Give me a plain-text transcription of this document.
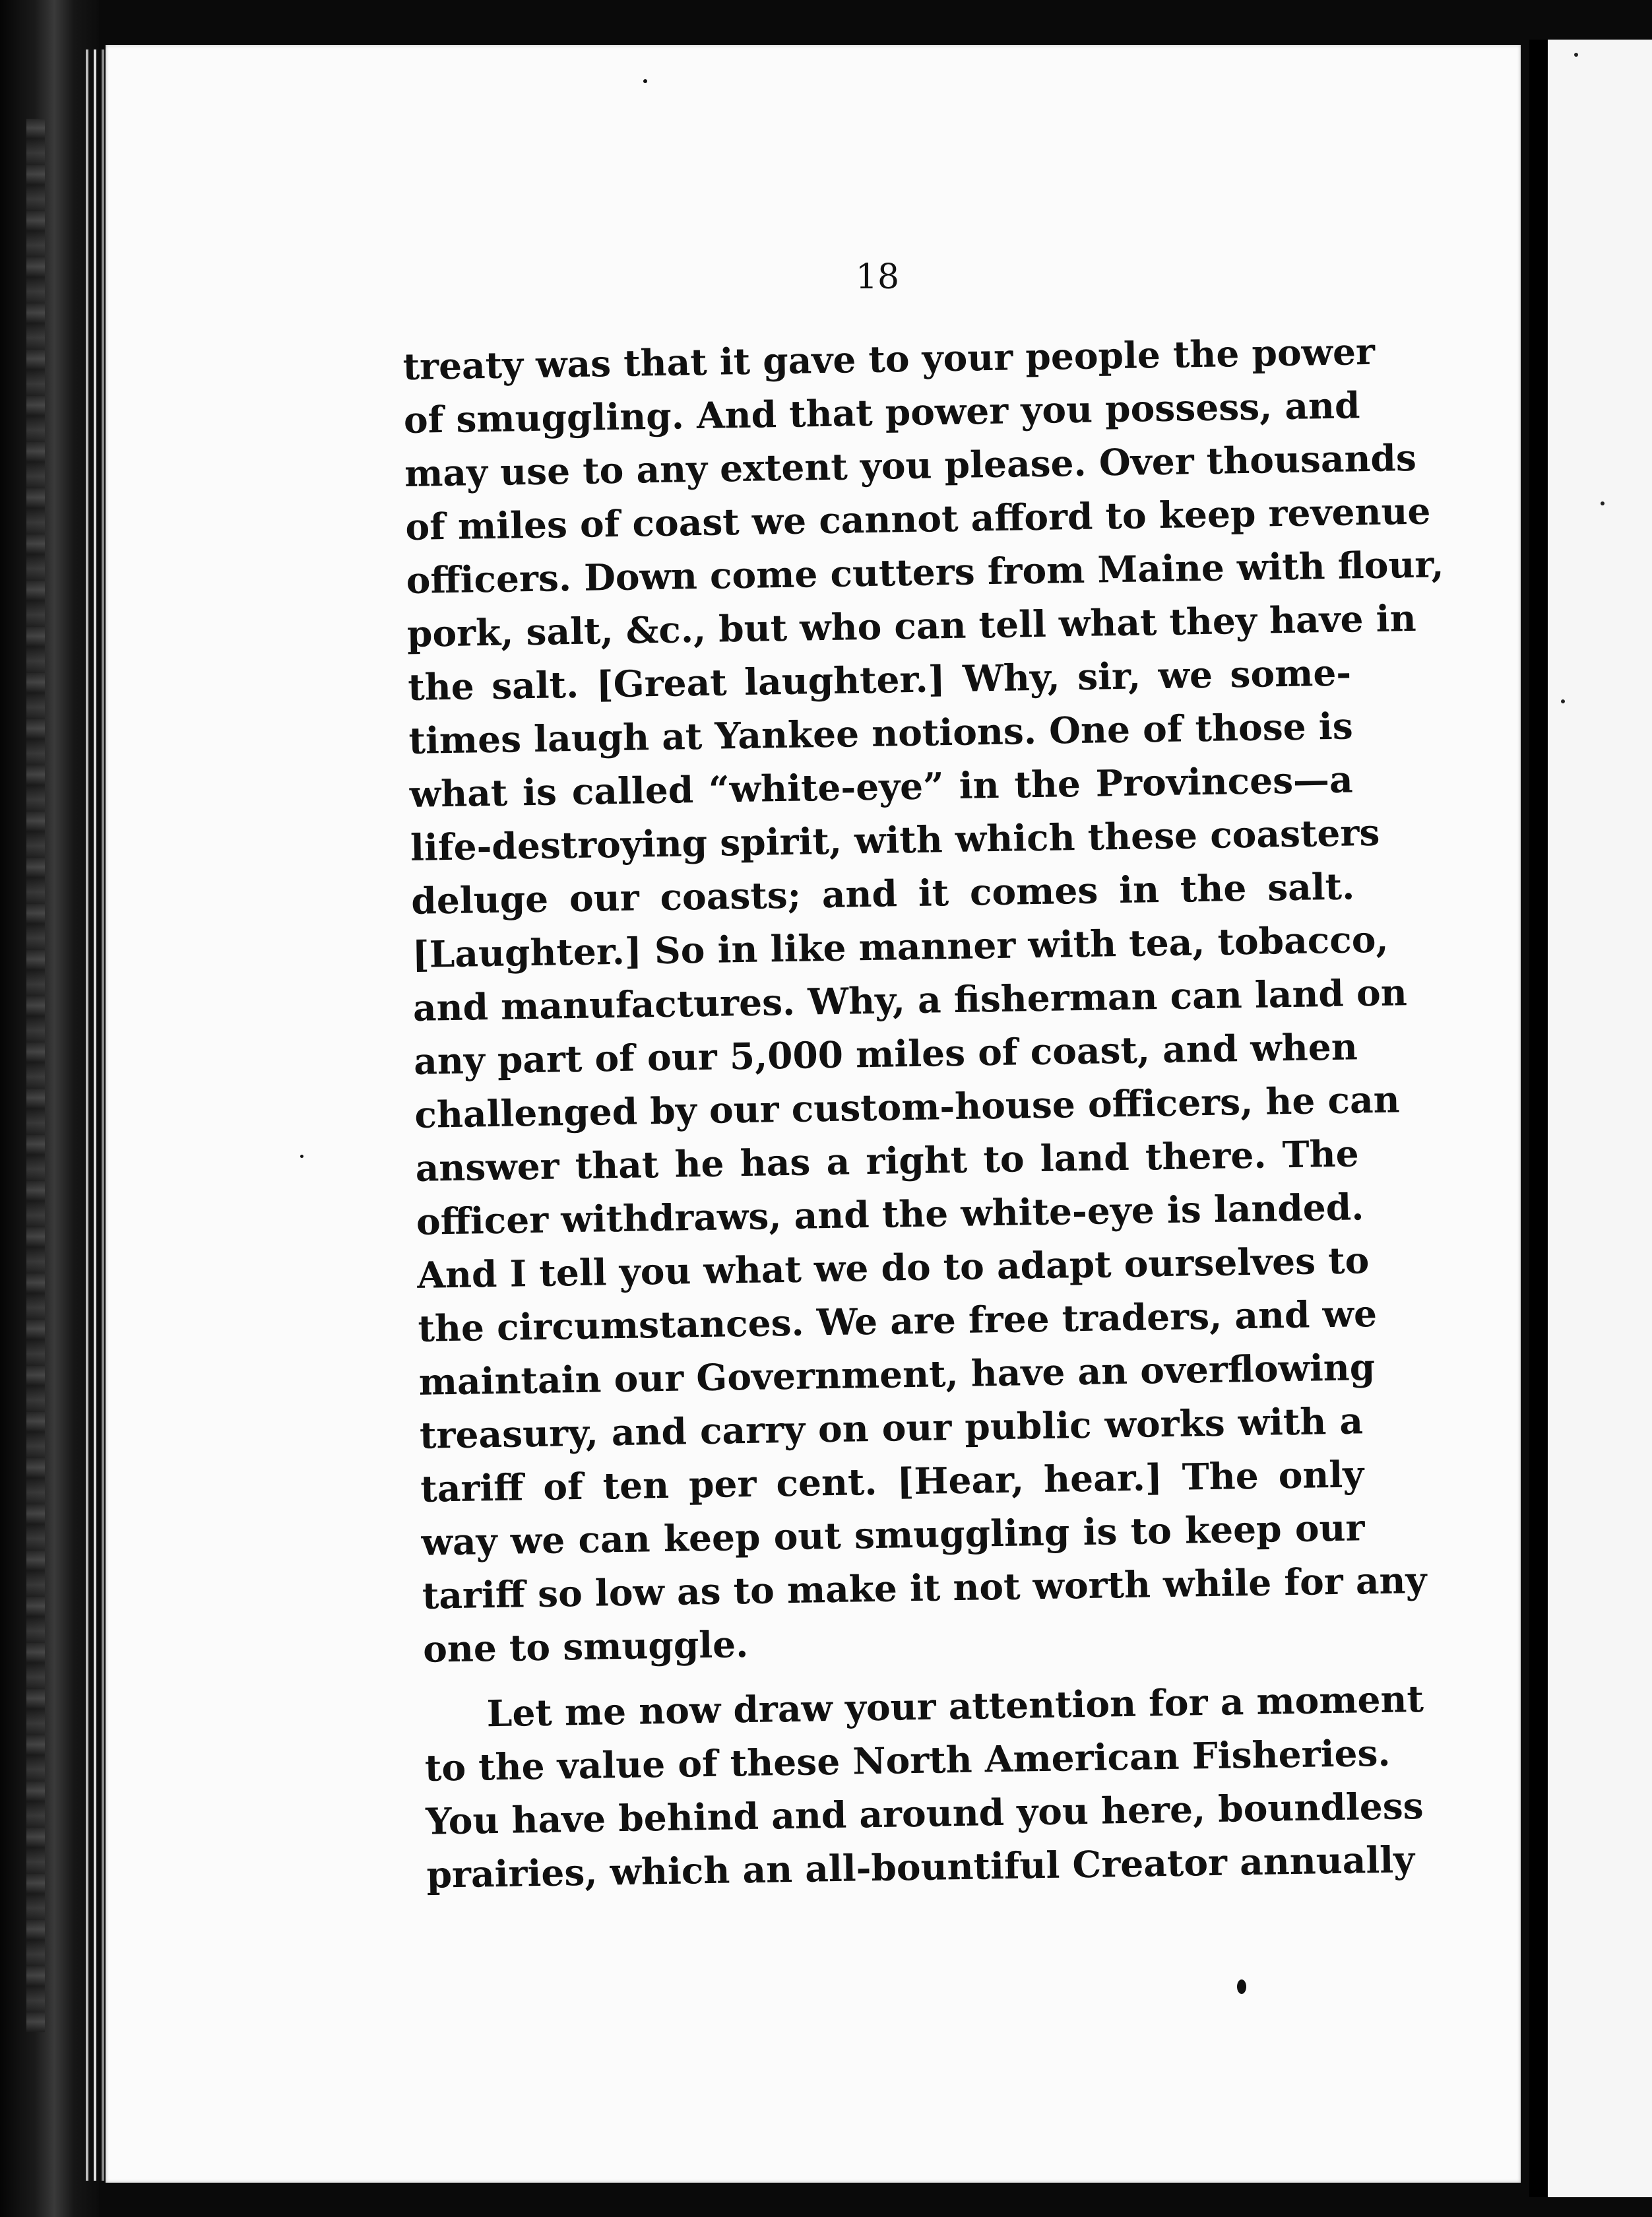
18
treaty was that it gave to your people the power
of smuggling. And that power you possess, and
may use to any extent you please. Over thousands
of miles of coast we cannot afford to keep revenue
officers. Down come cutters from Maine with flour,
pork, salt, &c., but who can tell what they have in
the salt. [Great laughter.] Why, sir, we some-
times laugh at Yankee notions. One of those is
what is called “white-eye” in the Provinces—a
life-destroying spirit, with which these coasters
deluge our coasts; and it comes in the salt.
[Laughter.] So in like manner with tea, tobacco,
and manufactures. Why, a fisherman can land on
any part of our 5,000 miles of coast, and when
challenged by our custom-house officers, he can
answer that he has a right to land there. The
officer withdraws, and the white-eye is landed.
And I tell you what we do to adapt ourselves to
the circumstances. We are free traders, and we
maintain our Government, have an overflowing
treasury, and carry on our public works with a
tariff of ten per cent. [Hear, hear.] The only
way we can keep out smuggling is to keep our
tariff so low as to make it not worth while for any
one to smuggle.
Let me now draw your attention for a moment
to the value of these North American Fisheries.
You have behind and around you here, boundless
prairies, which an all-bountiful Creator annually
